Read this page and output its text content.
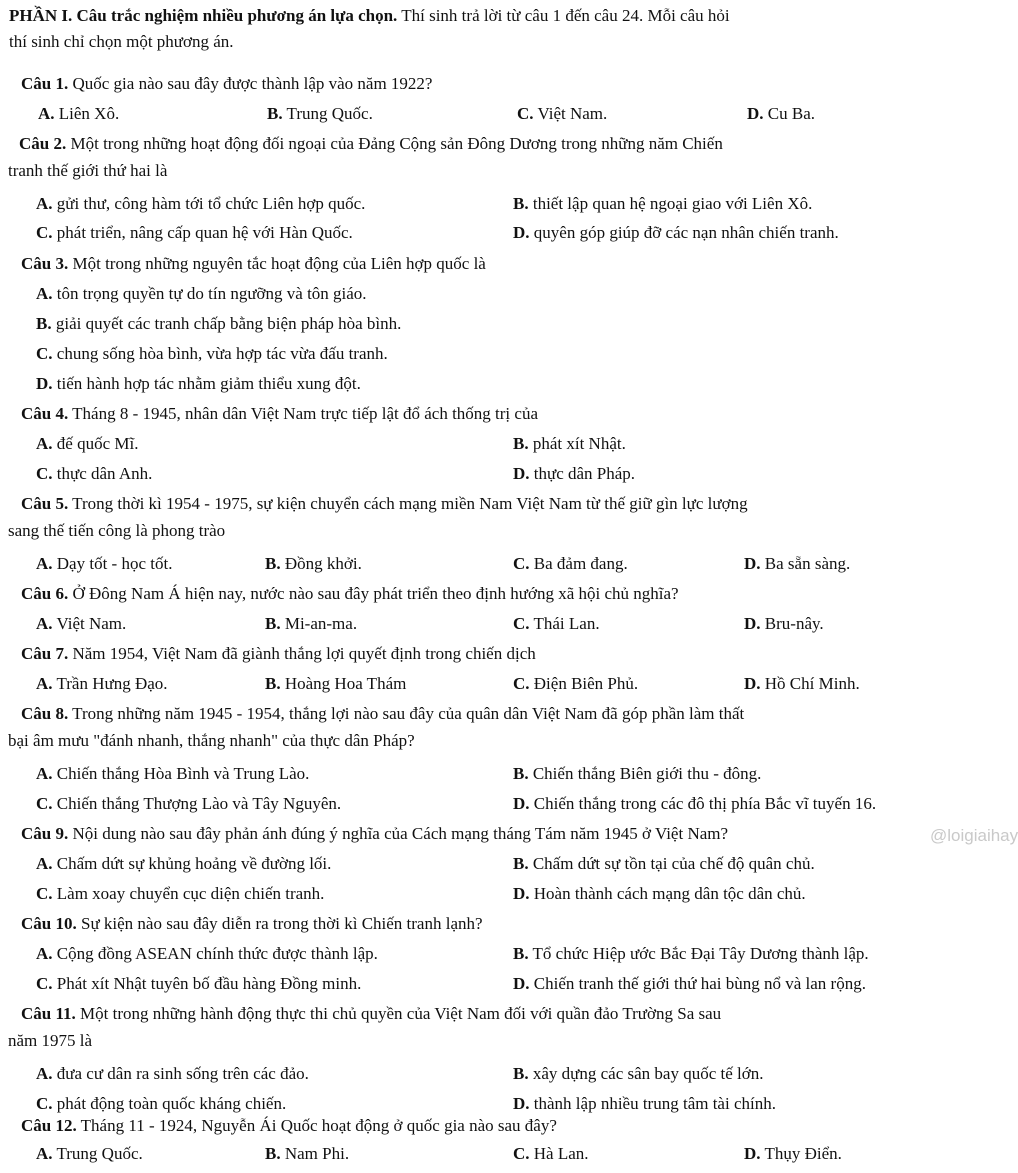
PHẦN I. Câu trắc nghiệm nhiều phương án lựa chọn. Thí sinh trả lời từ câu 1 đến câu 24. Mỗi câu hỏi
thí sinh chỉ chọn một phương án.
Câu 1. Quốc gia nào sau đây được thành lập vào năm 1922?
A. Liên Xô.	B. Trung Quốc.	C. Việt Nam.	D. Cu Ba.
Câu 2. Một trong những hoạt động đối ngoại của Đảng Cộng sản Đông Dương trong những năm Chiến
tranh thế giới thứ hai là
A. gửi thư, công hàm tới tổ chức Liên hợp quốc.	B. thiết lập quan hệ ngoại giao với Liên Xô.
C. phát triển, nâng cấp quan hệ với Hàn Quốc.	D. quyên góp giúp đỡ các nạn nhân chiến tranh.
Câu 3. Một trong những nguyên tắc hoạt động của Liên hợp quốc là
A. tôn trọng quyền tự do tín ngưỡng và tôn giáo.
B. giải quyết các tranh chấp bằng biện pháp hòa bình.
C. chung sống hòa bình, vừa hợp tác vừa đấu tranh.
D. tiến hành hợp tác nhằm giảm thiểu xung đột.
Câu 4. Tháng 8 - 1945, nhân dân Việt Nam trực tiếp lật đổ ách thống trị của
A. đế quốc Mĩ.	B. phát xít Nhật.
C. thực dân Anh.	D. thực dân Pháp.
Câu 5. Trong thời kì 1954 - 1975, sự kiện chuyển cách mạng miền Nam Việt Nam từ thế giữ gìn lực lượng
sang thế tiến công là phong trào
A. Dạy tốt - học tốt.	B. Đồng khởi.	C. Ba đảm đang.	D. Ba sẵn sàng.
Câu 6. Ở Đông Nam Á hiện nay, nước nào sau đây phát triển theo định hướng xã hội chủ nghĩa?
A. Việt Nam.	B. Mi-an-ma.	C. Thái Lan.	D. Bru-nây.
Câu 7. Năm 1954, Việt Nam đã giành thắng lợi quyết định trong chiến dịch
A. Trần Hưng Đạo.	B. Hoàng Hoa Thám	C. Điện Biên Phủ.	D. Hồ Chí Minh.
Câu 8. Trong những năm 1945 - 1954, thắng lợi nào sau đây của quân dân Việt Nam đã góp phần làm thất
bại âm mưu "đánh nhanh, thắng nhanh" của thực dân Pháp?
A. Chiến thắng Hòa Bình và Trung Lào.	B. Chiến thắng Biên giới thu - đông.
C. Chiến thắng Thượng Lào và Tây Nguyên.	D. Chiến thắng trong các đô thị phía Bắc vĩ tuyến 16.
Câu 9. Nội dung nào sau đây phản ánh đúng ý nghĩa của Cách mạng tháng Tám năm 1945 ở Việt Nam?
A. Chấm dứt sự khủng hoảng về đường lối.	B. Chấm dứt sự tồn tại của chế độ quân chủ.
C. Làm xoay chuyển cục diện chiến tranh.	D. Hoàn thành cách mạng dân tộc dân chủ.
Câu 10. Sự kiện nào sau đây diễn ra trong thời kì Chiến tranh lạnh?
A. Cộng đồng ASEAN chính thức được thành lập.	B. Tổ chức Hiệp ước Bắc Đại Tây Dương thành lập.
C. Phát xít Nhật tuyên bố đầu hàng Đồng minh.	D. Chiến tranh thế giới thứ hai bùng nổ và lan rộng.
Câu 11. Một trong những hành động thực thi chủ quyền của Việt Nam đối với quần đảo Trường Sa sau
năm 1975 là
A. đưa cư dân ra sinh sống trên các đảo.	B. xây dựng các sân bay quốc tế lớn.
C. phát động toàn quốc kháng chiến.	D. thành lập nhiều trung tâm tài chính.
Câu 12. Tháng 11 - 1924, Nguyễn Ái Quốc hoạt động ở quốc gia nào sau đây?
A. Trung Quốc.	B. Nam Phi.	C. Hà Lan.	D. Thụy Điển.
@loigiaihay
